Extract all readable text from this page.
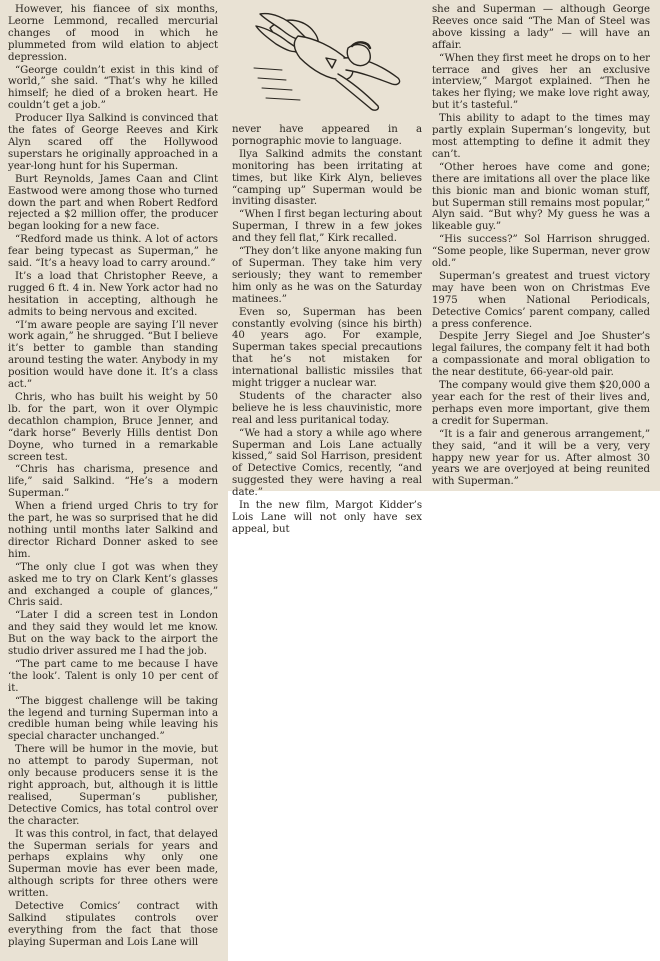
However, his fiancee of six months, Leorne Lemmond, recalled mercurial changes of mood in which he plummeted from wild elation to abject depression.

“George couldn’t exist in this kind of world,” she said. “That’s why he killed himself; he died of a broken heart. He couldn’t get a job.”

Producer Ilya Salkind is convinced that the fates of George Reeves and Kirk Alyn scared off the Hollywood superstars he originally approached in a year-long hunt for his Superman.

Burt Reynolds, James Caan and Clint Eastwood were among those who turned down the part and when Robert Redford rejected a $2 million offer, the producer began looking for a new face.

“Redford made us think. A lot of actors fear being typecast as Superman,” he said. “It’s a heavy load to carry around.”

It’s a load that Christopher Reeve, a rugged 6 ft. 4 in. New York actor had no hesitation in accepting, although he admits to being nervous and excited.

“I’m aware people are saying I’ll never work again,” he shrugged. “But I believe it’s better to gamble than standing around testing the water. Anybody in my position would have done it. It’s a class act.”

Chris, who has built his weight by 50 lb. for the part, won it over Olympic decathlon champion, Bruce Jenner, and “dark horse” Beverly Hills dentist Don Doyne, who turned in a remarkable screen test.

“Chris has charisma, presence and life,” said Salkind. “He’s a modern Superman.”

When a friend urged Chris to try for the part, he was so surprised that he did nothing until months later Salkind and director Richard Donner asked to see him.

“The only clue I got was when they asked me to try on Clark Kent’s glasses and exchanged a couple of glances,” Chris said.

“Later I did a screen test in London and they said they would let me know. But on the way back to the airport the studio driver assured me I had the job.

“The part came to me because I have ‘the look’. Talent is only 10 per cent of it.

“The biggest challenge will be taking the legend and turning Superman into a credible human being while leaving his special character unchanged.”

There will be humor in the movie, but no attempt to parody Superman, not only because producers sense it is the right approach, but, although it is little realised, Superman’s publisher, Detective Comics, has total control over the character.

It was this control, in fact, that delayed the Superman serials for years and perhaps explains why only one Superman movie has ever been made, although scripts for three others were written.

Detective Comics’ contract with Salkind stipulates controls over everything from the fact that those playing Superman and Lois Lane will

never have appeared in a pornographic movie to language.

Ilya Salkind admits the constant monitoring has been irritating at times, but like Kirk Alyn, believes “camping up” Superman would be inviting disaster.

“When I first began lecturing about Superman, I threw in a few jokes and they fell flat,” Kirk recalled.

“They don’t like anyone making fun of Superman. They take him very seriously; they want to remember him only as he was on the Saturday matinees.”

Even so, Superman has been constantly evolving (since his birth) 40 years ago. For example, Superman takes special precautions that he’s not mistaken for international ballistic missiles that might trigger a nuclear war.

Students of the character also believe he is less chauvinistic, more real and less puritanical today.

“We had a story a while ago where Superman and Lois Lane actually kissed,” said Sol Harrison, president of Detective Comics, recently, “and suggested they were having a real date.”

In the new film, Margot Kidder’s Lois Lane will not only have sex appeal, but

she and Superman — although George Reeves once said “The Man of Steel was above kissing a lady” — will have an affair.

“When they first meet he drops on to her terrace and gives her an exclusive interview,” Margot explained. “Then he takes her flying; we make love right away, but it’s tasteful.”

This ability to adapt to the times may partly explain Superman’s longevity, but most attempting to define it admit they can’t.

“Other heroes have come and gone; there are imitations all over the place like this bionic man and bionic woman stuff, but Superman still remains most popular,” Alyn said. “But why? My guess he was a likeable guy.”

“His success?” Sol Harrison shrugged. “Some people, like Superman, never grow old.”

Superman’s greatest and truest victory may have been won on Christmas Eve 1975 when National Periodicals, Detective Comics’ parent company, called a press conference.

Despite Jerry Siegel and Joe Shuster’s legal failures, the company felt it had both a compassionate and moral obligation to the near destitute, 66-year-old pair.

The company would give them $20,000 a year each for the rest of their lives and, perhaps even more important, give them a credit for Superman.

“It is a fair and generous arrangement,” they said, “and it will be a very, very happy new year for us. After almost 30 years we are overjoyed at being reunited with Superman.”
